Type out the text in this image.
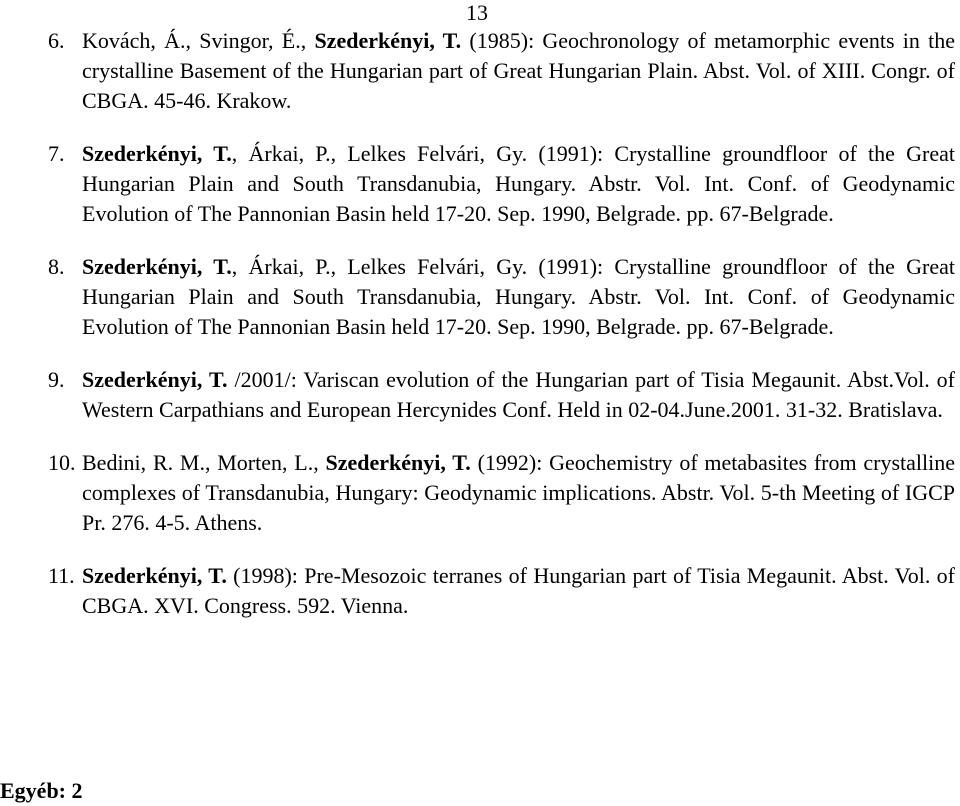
13
6. Kovách, Á., Svingor, É., Szederkényi, T. (1985): Geochronology of metamorphic events in the crystalline Basement of the Hungarian part of Great Hungarian Plain. Abst. Vol. of XIII. Congr. of CBGA. 45-46. Krakow.
7. Szederkényi, T., Árkai, P., Lelkes Felvári, Gy. (1991): Crystalline groundfloor of the Great Hungarian Plain and South Transdanubia, Hungary. Abstr. Vol. Int. Conf. of Geodynamic Evolution of The Pannonian Basin held 17-20. Sep. 1990, Belgrade. pp. 67-Belgrade.
8. Szederkényi, T., Árkai, P., Lelkes Felvári, Gy. (1991): Crystalline groundfloor of the Great Hungarian Plain and South Transdanubia, Hungary. Abstr. Vol. Int. Conf. of Geodynamic Evolution of The Pannonian Basin held 17-20. Sep. 1990, Belgrade. pp. 67-Belgrade.
9. Szederkényi, T. /2001/: Variscan evolution of the Hungarian part of Tisia Megaunit. Abst.Vol. of Western Carpathians and European Hercynides Conf. Held in 02-04.June.2001. 31-32. Bratislava.
10. Bedini, R. M., Morten, L., Szederkényi, T. (1992): Geochemistry of metabasites from crystalline complexes of Transdanubia, Hungary: Geodynamic implications. Abstr. Vol. 5-th Meeting of IGCP Pr. 276. 4-5. Athens.
11. Szederkényi, T. (1998): Pre-Mesozoic terranes of Hungarian part of Tisia Megaunit. Abst. Vol. of CBGA. XVI. Congress. 592. Vienna.
Egyéb: 2
